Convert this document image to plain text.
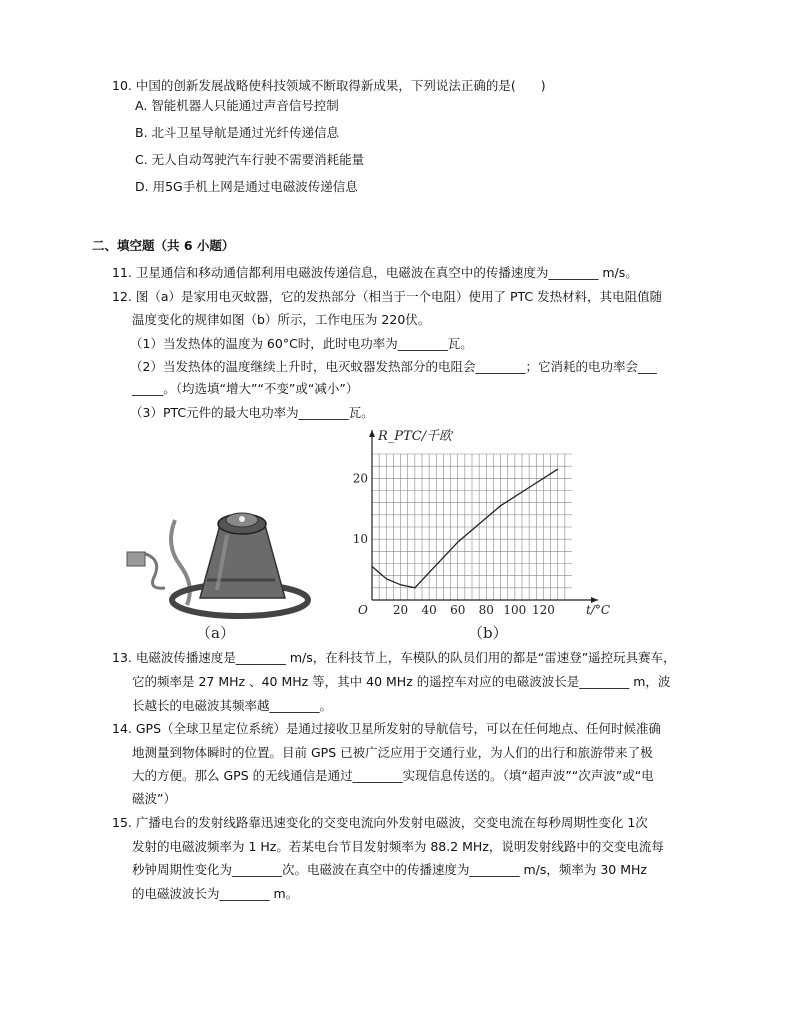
10. 中国的创新发展战略使科技领域不断取得新成果，下列说法正确的是(　　)
A. 智能机器人只能通过声音信号控制
B. 北斗卫星导航是通过光纤传递信息
C. 无人自动驾驶汽车行驶不需要消耗能量
D. 用5G手机上网是通过电磁波传递信息
二、填空题（共 6 小题）
11. 卫星通信和移动通信都利用电磁波传递信息，电磁波在真空中的传播速度为________ m/s。
12. 图（a）是家用电灭蚊器，它的发热部分（相当于一个电阻）使用了 PTC 发热材料，其电阻值随
温度变化的规律如图（b）所示，工作电压为 220伏。
（1）当发热体的温度为 60°C时，此时电功率为________瓦。
（2）当发热体的温度继续上升时，电灭蚊器发热部分的电阻会________；它消耗的电功率会___
_____。（均选填“增大”“不变”或“减小”）
（3）PTC元件的最大电功率为________瓦。
20 40 60 80 100 120
10
20
O
R_PTC/千欧
t/°C
（a）	（b）
13. 电磁波传播速度是________ m/s，在科技节上，车模队的队员们用的都是“雷速登”遥控玩具赛车，
它的频率是 27 MHz 、40 MHz 等，其中 40 MHz 的遥控车对应的电磁波波长是________ m，波
长越长的电磁波其频率越________。
14. GPS（全球卫星定位系统）是通过接收卫星所发射的导航信号，可以在任何地点、任何时候准确
地测量到物体瞬时的位置。目前 GPS 已被广泛应用于交通行业，为人们的出行和旅游带来了极
大的方便。那么 GPS 的无线通信是通过________实现信息传送的。（填“超声波”“次声波”或“电
磁波”）
15. 广播电台的发射线路靠迅速变化的交变电流向外发射电磁波，交变电流在每秒周期性变化 1次
发射的电磁波频率为 1 Hz。若某电台节目发射频率为 88.2 MHz，说明发射线路中的交变电流每
秒钟周期性变化为________次。电磁波在真空中的传播速度为________ m/s，频率为 30 MHz
的电磁波波长为________ m。
